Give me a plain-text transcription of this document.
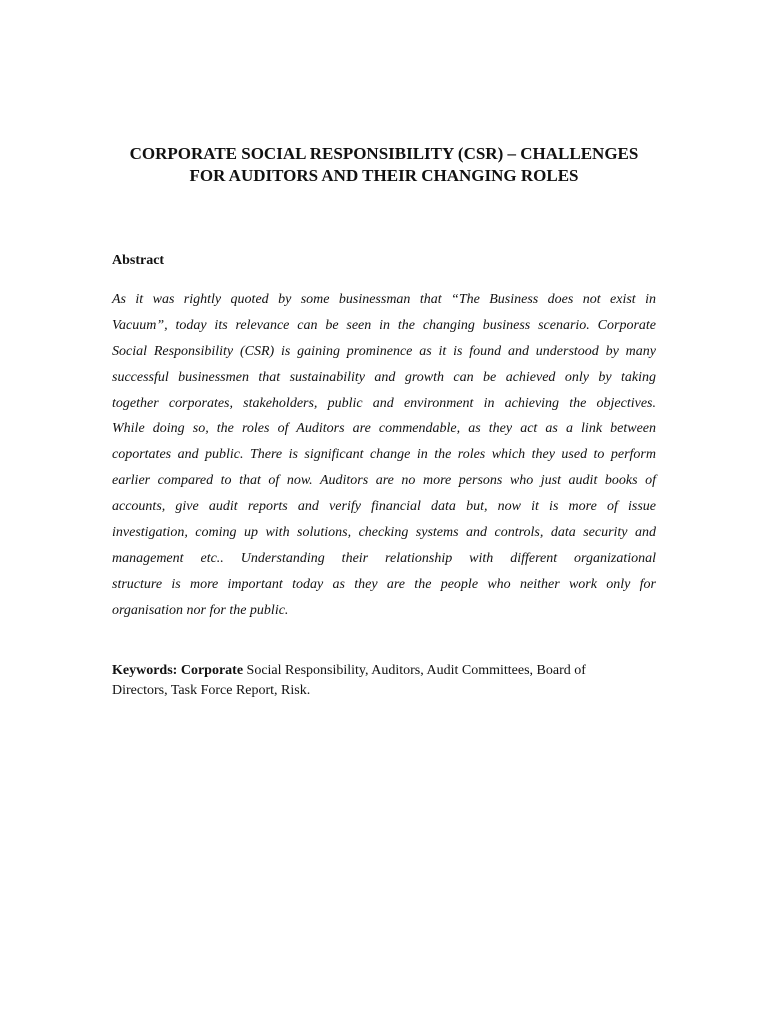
CORPORATE SOCIAL RESPONSIBILITY (CSR) – CHALLENGES
FOR AUDITORS AND THEIR CHANGING ROLES
Abstract
As it was rightly quoted by some businessman that “The Business does not exist in
Vacuum”, today its relevance can be seen in the changing business scenario. Corporate
Social Responsibility (CSR) is gaining prominence as it is found and understood by many
successful businessmen that sustainability and growth can be achieved only by taking
together corporates, stakeholders, public and environment in achieving the objectives.
While doing so, the roles of Auditors are commendable, as they act as a link between
coportates and public. There is significant change in the roles which they used to perform
earlier compared to that of now. Auditors are no more persons who just audit books of
accounts, give audit reports and verify financial data but, now it is more of issue
investigation, coming up with solutions, checking systems and controls, data security and
management etc.. Understanding their relationship with different organizational
structure is more important today as they are the people who neither work only for
organisation nor for the public.
Keywords: Corporate Social Responsibility, Auditors, Audit Committees, Board of
Directors, Task Force Report, Risk.
